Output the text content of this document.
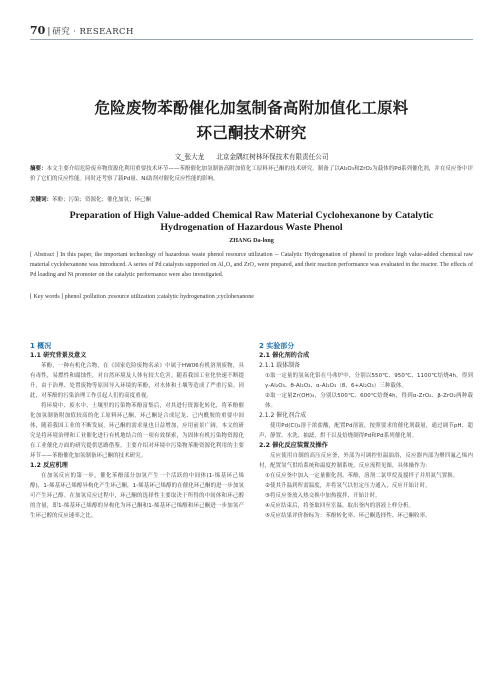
70 | 研究 · RESEARCH
危险废物苯酚催化加氢制备高附加值化工原料
环己酮技术研究
文_张大龙 北京金隅红树林环保技术有限责任公司
摘要：本文主要介绍危险废弃物资源化利用重要技术环节——苯酚催化加氢制备高附加值化工原料环己酮的技术研究。制备了以Al₂O₃和ZrO₂为载体的Pd系列催化剂，并在反应釜中评价了它们的反应性能。同时还考察了载Pd量、Ni助剂对催化反应性能的影响。
关键词：苯酚；污染；资源化；催化加氢；环己酮
Preparation of High Value-added Chemical Raw Material Cyclohexanone by Catalytic
Hydrogenation of Hazardous Waste Phenol
ZHANG Da-long
[ Abstract ] In this paper, the important technology of hazardous waste phenol resource utilization -- Catalytic Hydrogenation of phenol to produce high value-added chemical raw material cyclohexanone was introduced. A series of Pd catalysts supported on Al₂O₃ and ZrO₂ were prepared, and their reaction performance was evaluated in the reactor. The effects of Pd loading and Ni promoter on the catalytic performance were also investigated.
[ Key words ] phenol ;pollution ;resource utilization ;catalytic hydrogenation ;cyclohexanone
1 概况
1.1 研究背景及意义
苯酚，一种有机化合物，在《国家危险废物名录》中属于HW06有机溶剂废物，具有毒性，易燃性和腐蚀性，对自然环境及人体有较大危害。随着我国工业化快速不断提升，由于治理、处置废物等原因导入环境的苯酚，对水体和土壤等造成了严重污染。因此，对苯酚的污染治理工作引起人们的高度重视。
将环境中、废水中、土壤里的污染物苯酚富集后，对其进行资源化转化，将苯酚催化加氢制备附加值较高的化工原料环己酮，环己酮是合成尼龙、己内酰胺的重要中间体，随着我国工业的不断发展，环己酮的需求量也日益增加，应用前景广阔。本文的研究是将环境治理和工业催化进行有机地结合的一项有效探索，为固体有机污染物资源化在工业催化方面的研究提供思路借鉴，主要介绍对环境中污染物苯酚资源化利用的主要环节——苯酚催化加氢制备环己酮的技术研究。
1.2 反应机理
在加氢反应的第一步，催化苯酚部分加氢产生一个活跃的中间体(1-烯基环己烯醇)，1-烯基环己烯醇异构化产生环己酮，1-烯基环己烯醇的在催化环己酮的进一步加氢可产生环己醇。在加氢反应过程中，环己酮的选择性主要取决于所得的中间体和环己醇的含量，即1-烯基环己烯醇的异构化为环己酮和1-烯基环己烯醇和环己酮进一步加氢产生环己醇的反应速率之比。
2 实验部分
2.1 催化剂的合成
2.1.1 载体制备
①取一定量的氢氧化铝在马弗炉中，分别以550℃、950℃、1100℃焙烧4h，得到γ-Al₂O₃、θ-Al₂O₃、α-Al₂O₃（8、6+Al₂O₃）三种载体。
②取一定量Zr(OH)₄，分别以500℃、600℃焙烧4h，得到α-ZrO₂、β-ZrO₂两种载体。
2.1.2 催化剂合成
使用Pd(Cl)₂溶于浓盐酸，配置Pd溶液，按照要求的催化剂载量，通过调节pH，超声、静置、水洗、抽滤，烘干以及焙烧制得Pd和Pd系列催化剂。
2.2 催化反应装置及操作
反应使用自制的高压反应釜，外部为可调控恒温油浴，反应器内部为聚四氟乙烯内衬，配置氢气供给系统和温度控制系统，反应流程见图，具体操作为：
①在反应釜中加入一定量催化剂、苯酚，溶剂二氯甲烷及搅拌子并用氮气置换。
②使其升温到所需温度，并将氢气以恒定压力通入，反应开始计时。
③将反应釜放入热交换中加热搅拌、开始计时。
④反应结束后，将釜取回至室温，取出釜内的溶液上样分析。
⑤反应结果评价指标为：苯酚转化率、环己酮选择性、环己酮收率。
